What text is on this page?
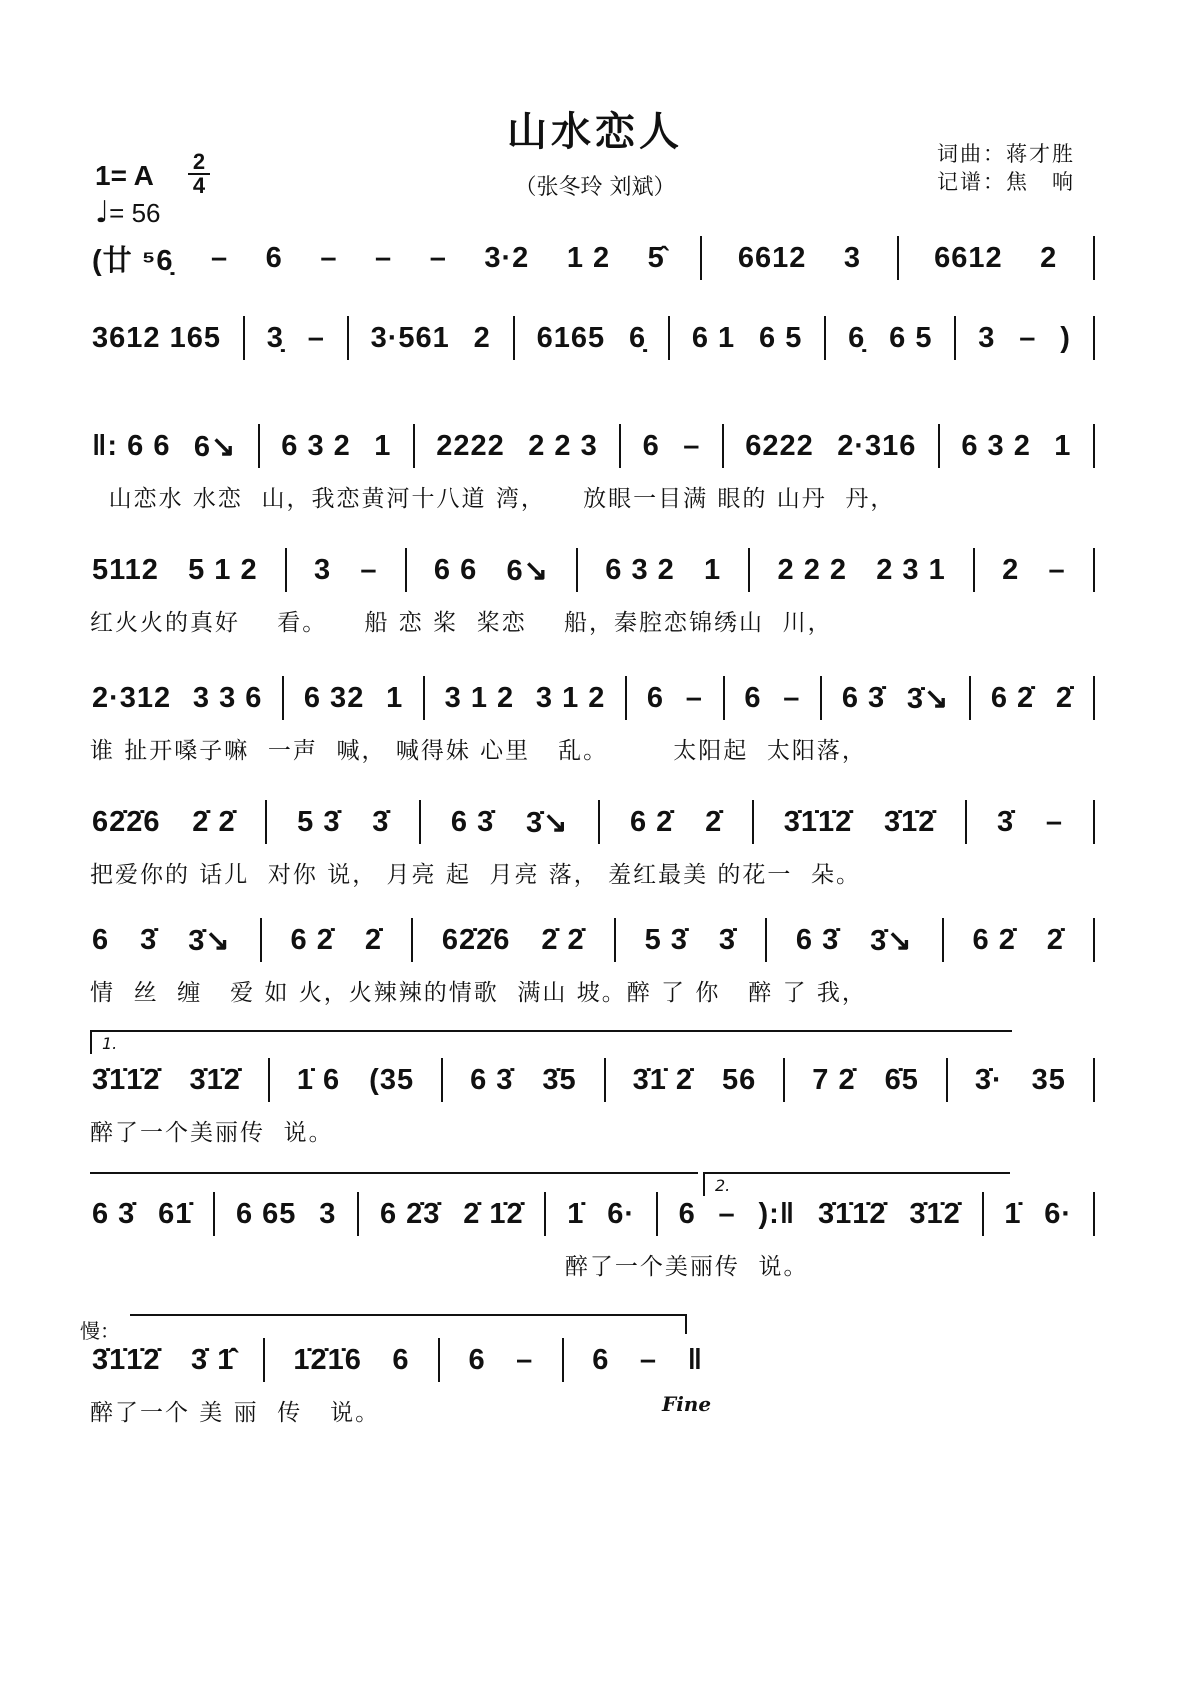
山水恋人
（张冬玲 刘斌）
1= A 2
4
♩= 56
词曲：蒋才胜
记谱：焦　响
1.
2.
慢：
Fine
(廿 ⁵6̣ – 6 – – – 3·2 1 2 5̂	6612 3	6612 2
3612 165 3̣ – 3·561 2 6165 6̣ 6 1 6 5 6̣ 6 5 3 – )
‖: 6 6 6↘ 6 3 2 1 2222 2 2 3 6 – 6222 2·316 6 3 2 1
山恋水 水恋  山，我恋黄河十八道 湾，    放眼一目满 眼的 山丹  丹，
5112 5 1 2 3 – 6 6 6↘ 6 3 2 1 2 2 2 2 3 1 2 –
红火火的真好    看。    船 恋 桨  桨恋    船，秦腔恋锦绣山  川，
2·312 3 3 6 6 32 1 3 1 2 3 1 2 6 – 6 – 6 3̇ 3̇↘ 6 2̇ 2̇
谁 扯开嗓子嘛  一声  喊， 喊得妹 心里   乱。       太阳起  太阳落，
62̇2̇6 2̇ 2̇ 5 3̇ 3̇ 6 3̇ 3̇↘ 6 2̇ 2̇ 3̇1̇1̇2̇ 3̇1̇2̇ 3̇ –
把爱你的 话儿  对你 说， 月亮 起  月亮 落， 羞红最美 的花一  朵。
6 3̇ 3̇↘ 6 2̇ 2̇ 62̇2̇6 2̇ 2̇ 5 3̇ 3̇ 6 3̇ 3̇↘ 6 2̇ 2̇
情  丝  缠   爱 如 火，火辣辣的情歌  满山 坡。醉 了 你   醉 了 我，
3̇1̇1̇2̇ 3̇1̇2̇ 1̇ 6 (35 6 3̇ 3̇5 3̇1̇ 2̇ 56 7 2̇ 6̇5 3̇· 35
醉了一个美丽传  说。
6 3̇ 61̇ 6 65 3 6 2̇3̇ 2̇ 1̇2̇ 1̇ 6· 6 – ):‖ 3̇1̇1̇2̇ 3̇1̇2̇ 1̇ 6·
醉了一个美丽传  说。
3̇1̇1̇2̇ 3̇ 1̇̂ 1̇2̇1̇6 6 6 – 6 – ‖
醉了一个 美 丽  传   说。
